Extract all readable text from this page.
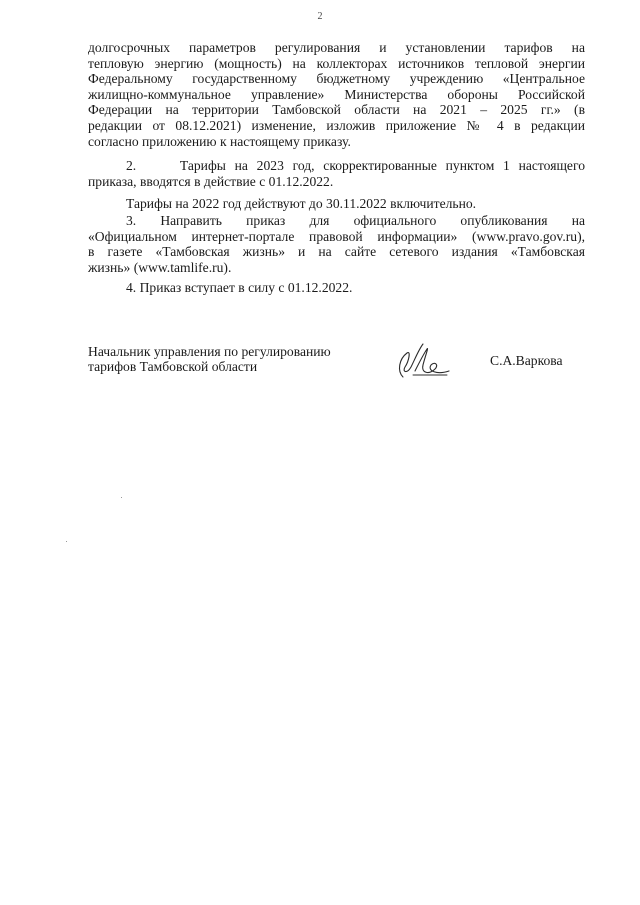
2
долгосрочных параметров регулирования и установлении тарифов на
тепловую энергию (мощность) на коллекторах источников тепловой энергии
Федеральному государственному бюджетному учреждению «Центральное
жилищно-коммунальное управление» Министерства обороны Российской
Федерации на территории Тамбовской области на 2021 – 2025 гг.» (в
редакции от 08.12.2021) изменение, изложив приложение № 4 в редакции
согласно приложению к настоящему приказу.
2.     Тарифы на 2023 год, скорректированные пунктом 1 настоящего
приказа, вводятся в действие с 01.12.2022.
Тарифы на 2022 год действуют до 30.11.2022 включительно.
3. Направить приказ для официального опубликования на
«Официальном интернет-портале правовой информации» (www.pravo.gov.ru),
в газете «Тамбовская жизнь» и на сайте сетевого издания «Тамбовская
жизнь» (www.tamlife.ru).
4. Приказ вступает в силу с 01.12.2022.
Начальник управления по регулированию
тарифов Тамбовской области	С.А.Варкова
